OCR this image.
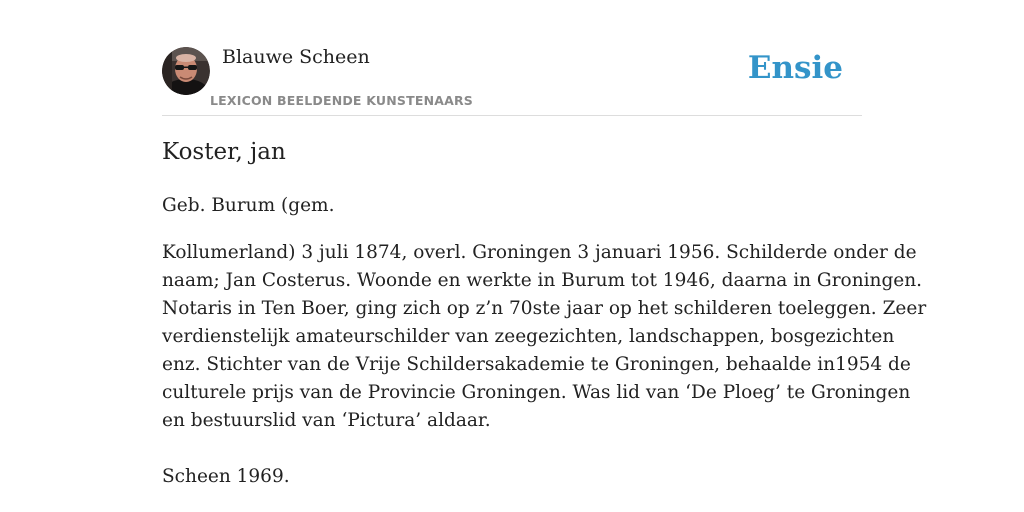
Blauwe Scheen
LEXICON BEELDENDE KUNSTENAARS
Ensie
Koster, jan

Geb. Burum (gem.

Kollumerland) 3 juli 1874, overl. Groningen 3 januari 1956. Schilderde onder de
naam; Jan Costerus. Woonde en werkte in Burum tot 1946, daarna in Groningen.
Notaris in Ten Boer, ging zich op z’n 70ste jaar op het schilderen toeleggen. Zeer
verdienstelijk amateurschilder van zeegezichten, landschappen, bosgezichten
enz. Stichter van de Vrije Schildersakademie te Groningen, behaalde in1954 de
culturele prijs van de Provincie Groningen. Was lid van ‘De Ploeg’ te Groningen
en bestuurslid van ‘Pictura’ aldaar.

Scheen 1969.
